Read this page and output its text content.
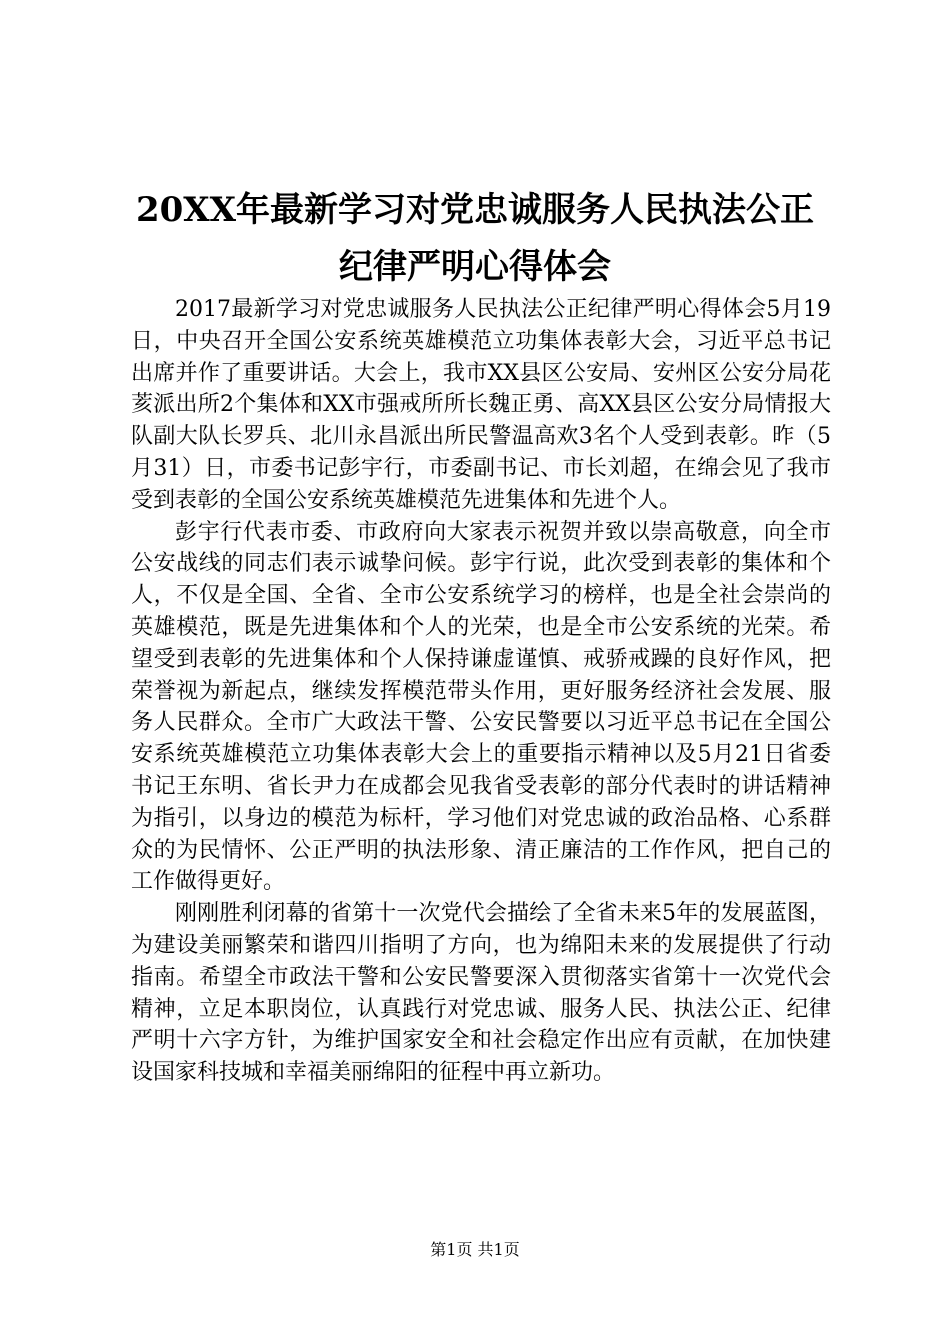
20XX年最新学习对党忠诚服务人民执法公正
纪律严明心得体会

2017最新学习对党忠诚服务人民执法公正纪律严明心得体会5月19日，中央召开全国公安系统英雄模范立功集体表彰大会，习近平总书记出席并作了重要讲话。大会上，我市XX县区公安局、安州区公安分局花荄派出所2个集体和XX市强戒所所长魏正勇、高XX县区公安分局情报大队副大队长罗兵、北川永昌派出所民警温高欢3名个人受到表彰。昨（5月31）日，市委书记彭宇行，市委副书记、市长刘超，在绵会见了我市受到表彰的全国公安系统英雄模范先进集体和先进个人。

彭宇行代表市委、市政府向大家表示祝贺并致以崇高敬意，向全市公安战线的同志们表示诚挚问候。彭宇行说，此次受到表彰的集体和个人，不仅是全国、全省、全市公安系统学习的榜样，也是全社会崇尚的英雄模范，既是先进集体和个人的光荣，也是全市公安系统的光荣。希望受到表彰的先进集体和个人保持谦虚谨慎、戒骄戒躁的良好作风，把荣誉视为新起点，继续发挥模范带头作用，更好服务经济社会发展、服务人民群众。全市广大政法干警、公安民警要以习近平总书记在全国公安系统英雄模范立功集体表彰大会上的重要指示精神以及5月21日省委书记王东明、省长尹力在成都会见我省受表彰的部分代表时的讲话精神为指引，以身边的模范为标杆，学习他们对党忠诚的政治品格、心系群众的为民情怀、公正严明的执法形象、清正廉洁的工作作风，把自己的工作做得更好。

刚刚胜利闭幕的省第十一次党代会描绘了全省未来5年的发展蓝图，为建设美丽繁荣和谐四川指明了方向，也为绵阳未来的发展提供了行动指南。希望全市政法干警和公安民警要深入贯彻落实省第十一次党代会精神，立足本职岗位，认真践行对党忠诚、服务人民、执法公正、纪律严明十六字方针，为维护国家安全和社会稳定作出应有贡献，在加快建设国家科技城和幸福美丽绵阳的征程中再立新功。

第1页 共1页
